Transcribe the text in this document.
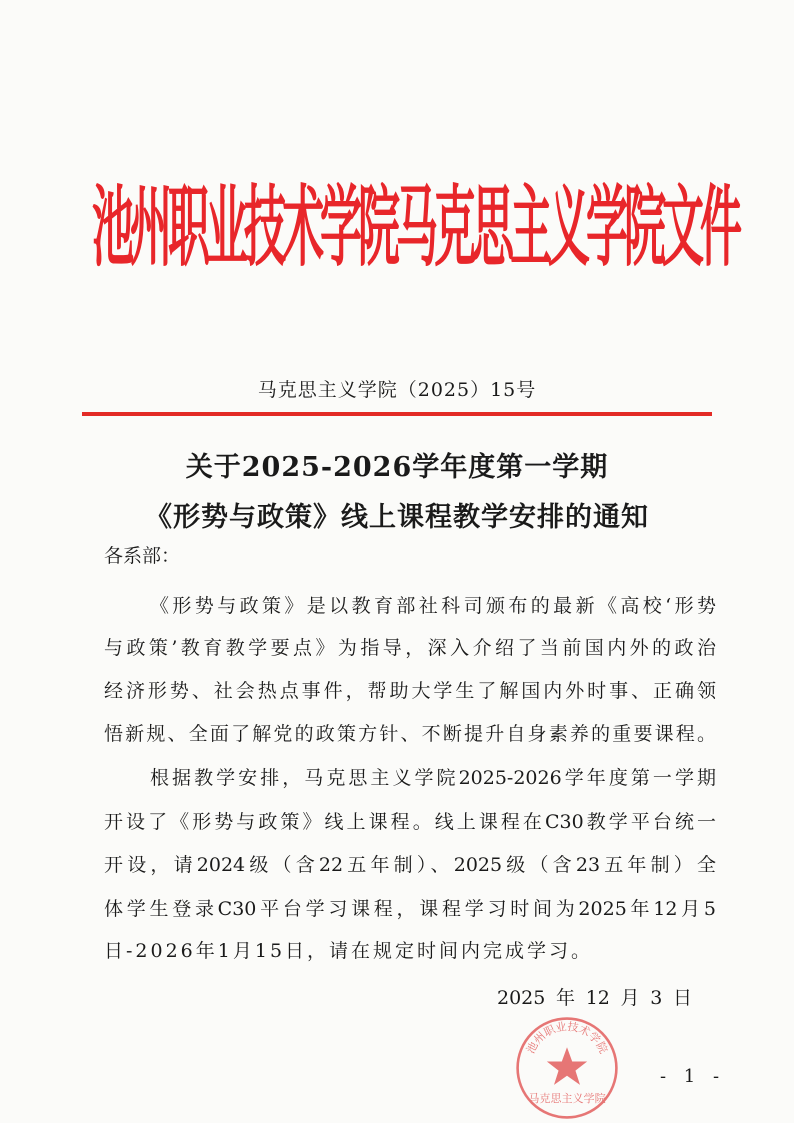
池州职业技术学院马克思主义学院文件
马克思主义学院（2025）15号
关于2025-2026学年度第一学期
《形势与政策》线上课程教学安排的通知
各系部：
《形势与政策》是以教育部社科司颁布的最新《高校‘形势
与政策’教育教学要点》为指导，深入介绍了当前国内外的政治
经济形势、社会热点事件，帮助大学生了解国内外时事、正确领
悟新规、全面了解党的政策方针、不断提升自身素养的重要课程。
根据教学安排，马克思主义学院2025-2026学年度第一学期
开设了《形势与政策》线上课程。线上课程在C30教学平台统一
开设，请2024级（含22五年制）、2025级（含23五年制）全
体学生登录C30平台学习课程，课程学习时间为2025年12月5
日-2026年1月15日，请在规定时间内完成学习。
2025年12月3日
池州职业技术学院
马克思主义学院
- 1 -
